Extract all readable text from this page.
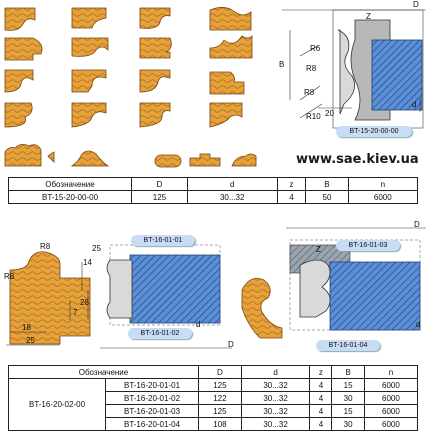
D
Z
B
R6
R8
R8
R10 20
d
BT-15-20-00-00
www.sae.kiev.ua
Обозначение	D	d	z	B	n
BT-15-20-00-00	125	30...32	4	50	6000
R8
R8
14
25
28
7
18
25
BT-16-01-01
BT-16-01-02
BT-16-01-03
BT-16-01-04
D
d
D
Z
d
Обозначение		D	d	z	B	n
BT-16-20-02-00	BT-16-20-01-01	125	30...32	4	15	6000
	BT-16-20-01-02	122	30...32	4	30	6000
	BT-16-20-01-03	125	30...32	4	15	6000
	BT-16-20-01-04	108	30...32	4	30	6000
